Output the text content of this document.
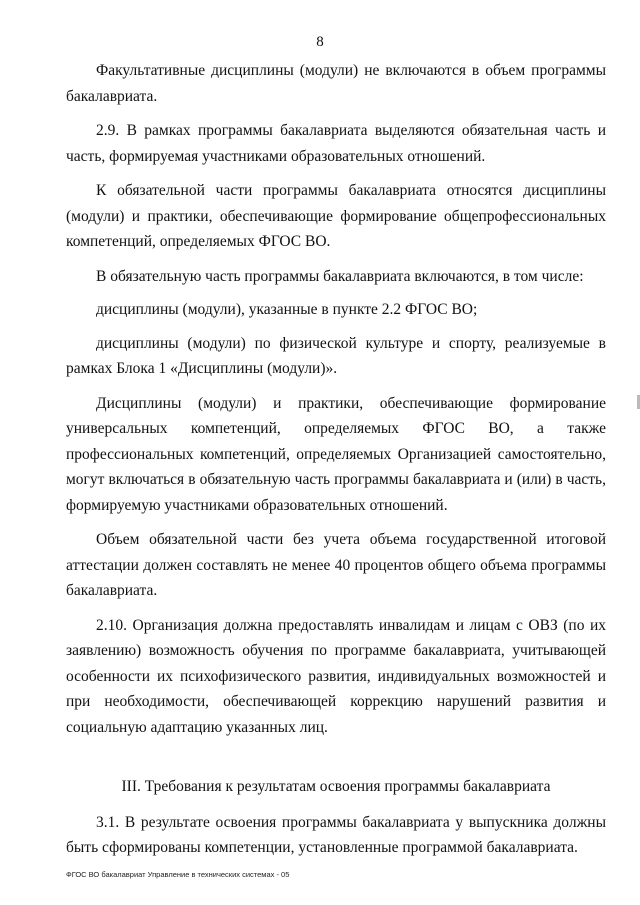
8

Факультативные дисциплины (модули) не включаются в объем программы бакалавриата.

2.9. В рамках программы бакалавриата выделяются обязательная часть и часть, формируемая участниками образовательных отношений.

К обязательной части программы бакалавриата относятся дисциплины (модули) и практики, обеспечивающие формирование общепрофессиональных компетенций, определяемых ФГОС ВО.

В обязательную часть программы бакалавриата включаются, в том числе:

дисциплины (модули), указанные в пункте 2.2 ФГОС ВО;

дисциплины (модули) по физической культуре и спорту, реализуемые в рамках Блока 1 «Дисциплины (модули)».

Дисциплины (модули) и практики, обеспечивающие формирование универсальных компетенций, определяемых ФГОС ВО, а также профессиональных компетенций, определяемых Организацией самостоятельно, могут включаться в обязательную часть программы бакалавриата и (или) в часть, формируемую участниками образовательных отношений.

Объем обязательной части без учета объема государственной итоговой аттестации должен составлять не менее 40 процентов общего объема программы бакалавриата.

2.10. Организация должна предоставлять инвалидам и лицам с ОВЗ (по их заявлению) возможность обучения по программе бакалавриата, учитывающей особенности их психофизического развития, индивидуальных возможностей и при необходимости, обеспечивающей коррекцию нарушений развития и социальную адаптацию указанных лиц.

III. Требования к результатам освоения программы бакалавриата

3.1. В результате освоения программы бакалавриата у выпускника должны быть сформированы компетенции, установленные программой бакалавриата.

ФГОС ВО бакалавриат Управление в технических системах - 05
